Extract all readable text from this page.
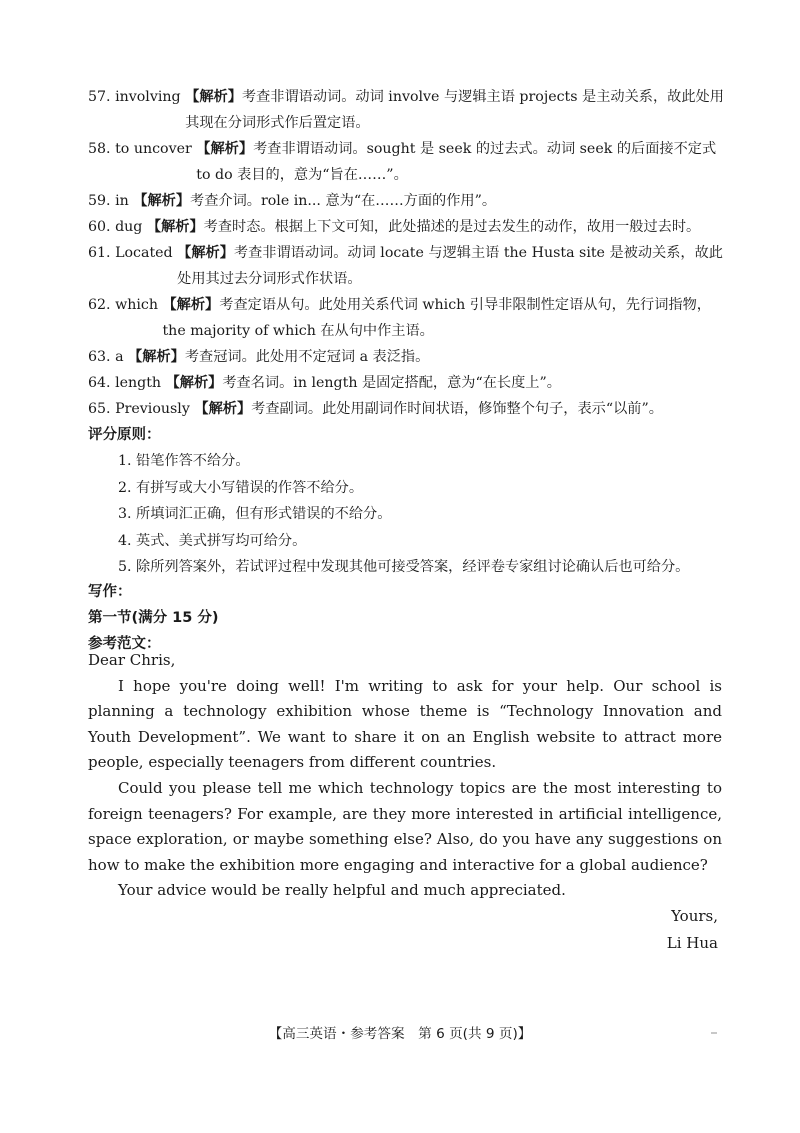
57. involving 【解析】考查非谓语动词。动词 involve 与逻辑主语 projects 是主动关系，故此处用其现在分词形式作后置定语。
58. to uncover 【解析】考查非谓语动词。sought 是 seek 的过去式。动词 seek 的后面接不定式 to do 表目的，意为“旨在……”。
59. in 【解析】考查介词。role in... 意为“在……方面的作用”。
60. dug 【解析】考查时态。根据上下文可知，此处描述的是过去发生的动作，故用一般过去时。
61. Located 【解析】考查非谓语动词。动词 locate 与逻辑主语 the Husta site 是被动关系，故此处用其过去分词形式作状语。
62. which 【解析】考查定语从句。此处用关系代词 which 引导非限制性定语从句，先行词指物，the majority of which 在从句中作主语。
63. a 【解析】考查冠词。此处用不定冠词 a 表泛指。
64. length 【解析】考查名词。in length 是固定搭配，意为“在长度上”。
65. Previously 【解析】考查副词。此处用副词作时间状语，修饰整个句子，表示“以前”。
评分原则：
1. 铅笔作答不给分。
2. 有拼写或大小写错误的作答不给分。
3. 所填词汇正确，但有形式错误的不给分。
4. 英式、美式拼写均可给分。
5. 除所列答案外，若试评过程中发现其他可接受答案，经评卷专家组讨论确认后也可给分。
写作：
第一节(满分 15 分)
参考范文：

Dear Chris,

I hope you're doing well! I'm writing to ask for your help. Our school is planning a technology exhibition whose theme is “Technology Innovation and Youth Development”. We want to share it on an English website to attract more people, especially teenagers from different countries.

Could you please tell me which technology topics are the most interesting to foreign teenagers? For example, are they more interested in artificial intelligence, space exploration, or maybe something else? Also, do you have any suggestions on how to make the exhibition more engaging and interactive for a global audience?

Your advice would be really helpful and much appreciated.

Yours,
Li Hua
【高三英语・参考答案　第 6 页(共 9 页)】
